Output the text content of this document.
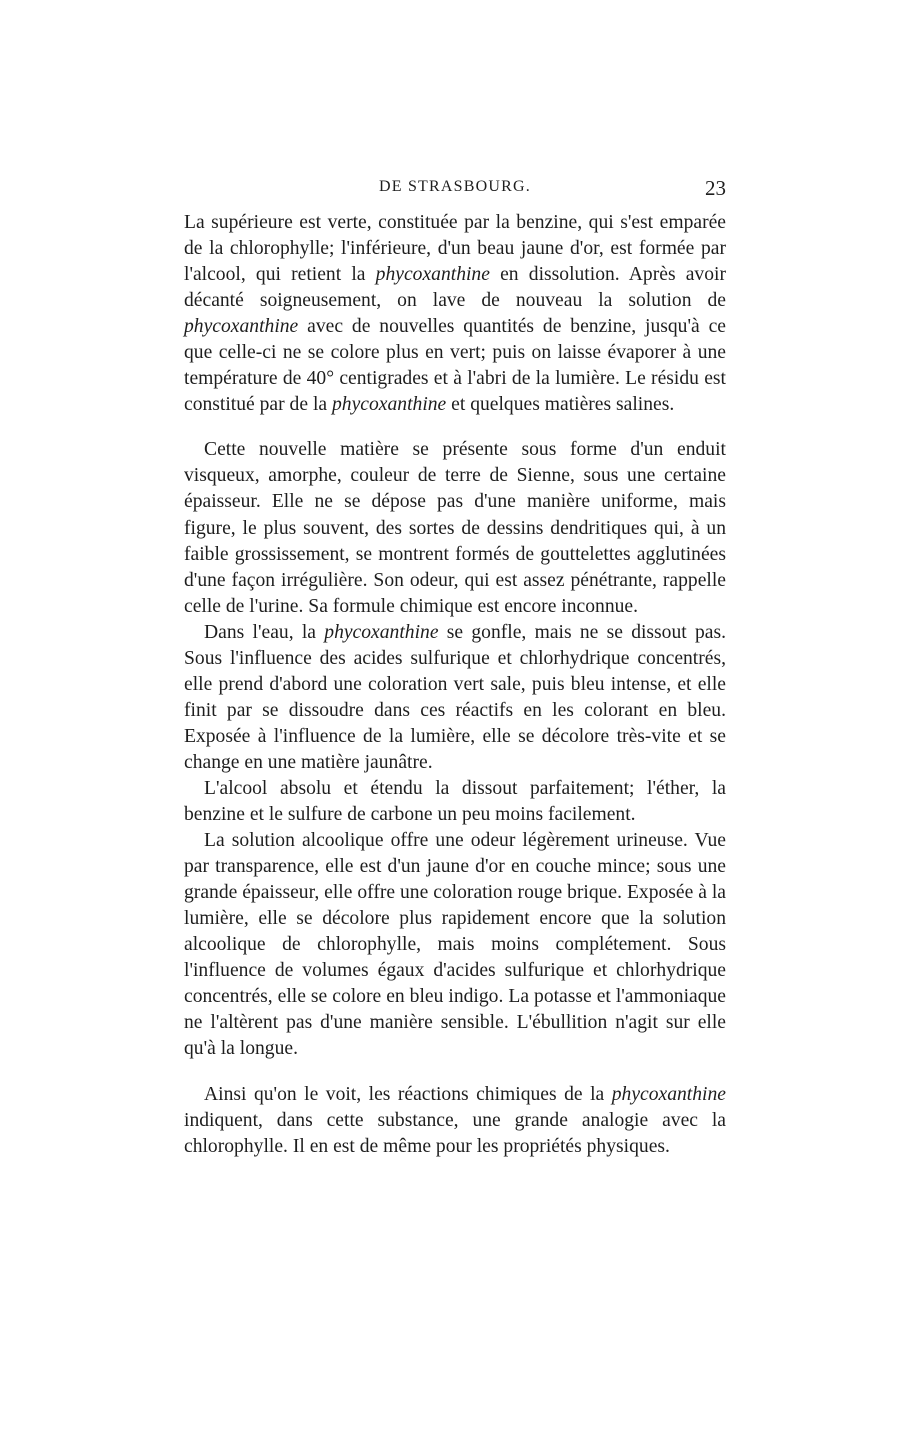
DE STRASBOURG.	23

La supérieure est verte, constituée par la benzine, qui s'est emparée de la chlorophylle; l'inférieure, d'un beau jaune d'or, est formée par l'alcool, qui retient la phycoxanthine en dissolution. Après avoir décanté soigneusement, on lave de nouveau la solution de phycoxanthine avec de nouvelles quantités de benzine, jusqu'à ce que celle-ci ne se colore plus en vert; puis on laisse évaporer à une température de 40° centigrades et à l'abri de la lumière. Le résidu est constitué par de la phycoxanthine et quelques matières salines.

Cette nouvelle matière se présente sous forme d'un enduit visqueux, amorphe, couleur de terre de Sienne, sous une certaine épaisseur. Elle ne se dépose pas d'une manière uniforme, mais figure, le plus souvent, des sortes de dessins dendritiques qui, à un faible grossissement, se montrent formés de gouttelettes agglutinées d'une façon irrégulière. Son odeur, qui est assez pénétrante, rappelle celle de l'urine. Sa formule chimique est encore inconnue.

Dans l'eau, la phycoxanthine se gonfle, mais ne se dissout pas. Sous l'influence des acides sulfurique et chlorhydrique concentrés, elle prend d'abord une coloration vert sale, puis bleu intense, et elle finit par se dissoudre dans ces réactifs en les colorant en bleu. Exposée à l'influence de la lumière, elle se décolore très-vite et se change en une matière jaunâtre.

L'alcool absolu et étendu la dissout parfaitement; l'éther, la benzine et le sulfure de carbone un peu moins facilement.

La solution alcoolique offre une odeur légèrement urineuse. Vue par transparence, elle est d'un jaune d'or en couche mince; sous une grande épaisseur, elle offre une coloration rouge brique. Exposée à la lumière, elle se décolore plus rapidement encore que la solution alcoolique de chlorophylle, mais moins complétement. Sous l'influence de volumes égaux d'acides sulfurique et chlorhydrique concentrés, elle se colore en bleu indigo. La potasse et l'ammoniaque ne l'altèrent pas d'une manière sensible. L'ébullition n'agit sur elle qu'à la longue.

Ainsi qu'on le voit, les réactions chimiques de la phycoxanthine indiquent, dans cette substance, une grande analogie avec la chlorophylle. Il en est de même pour les propriétés physiques.
